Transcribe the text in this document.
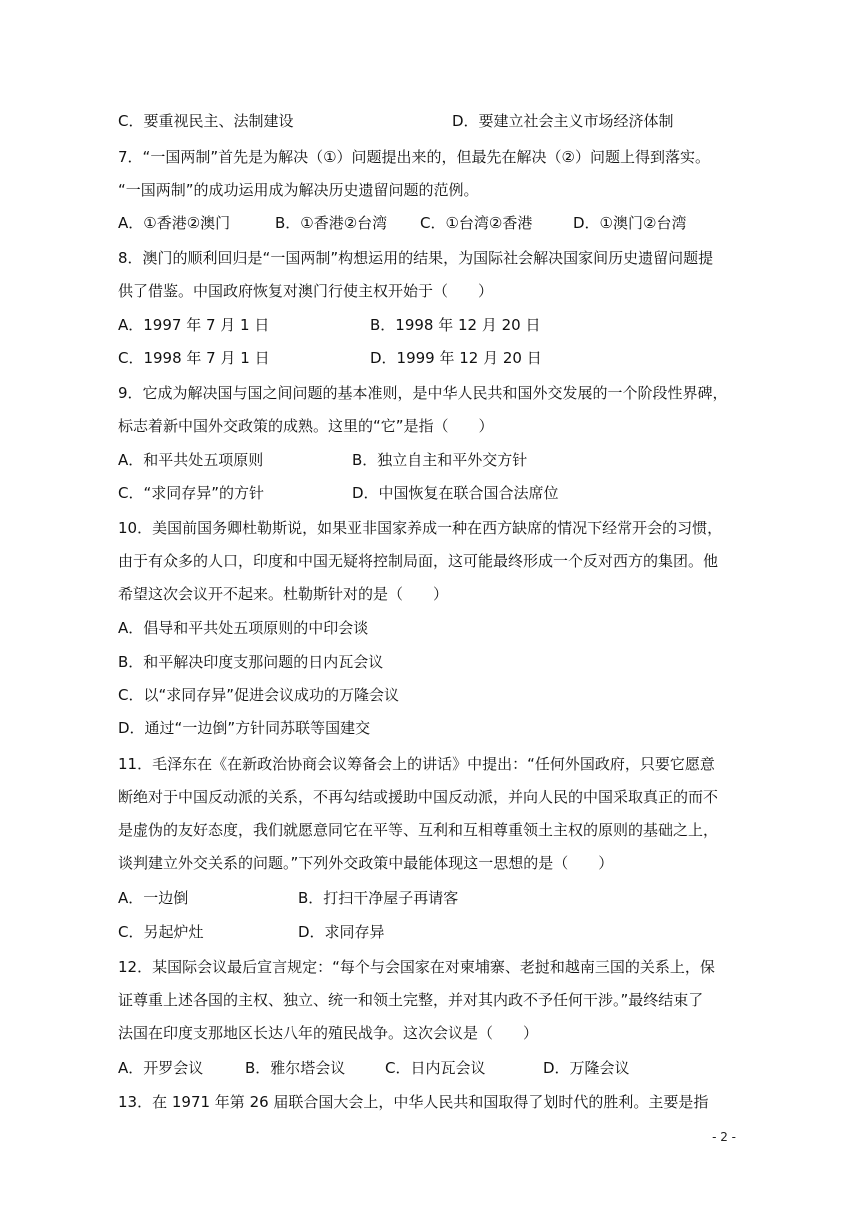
C．要重视民主、法制建设	D．要建立社会主义市场经济体制
7．“一国两制”首先是为解决（①）问题提出来的，但最先在解决（②）问题上得到落实。
“一国两制”的成功运用成为解决历史遗留问题的范例。
A．①香港②澳门	B．①香港②台湾 C．①台湾②香港	D．①澳门②台湾
8．澳门的顺利回归是“一国两制”构想运用的结果，为国际社会解决国家间历史遗留问题提
供了借鉴。中国政府恢复对澳门行使主权开始于（　　）
A．1997 年 7 月 1 日	B．1998 年 12 月 20 日
C．1998 年 7 月 1 日	D．1999 年 12 月 20 日
9．它成为解决国与国之间问题的基本准则，是中华人民共和国外交发展的一个阶段性界碑，
标志着新中国外交政策的成熟。这里的“它”是指（　　）
A．和平共处五项原则	B．独立自主和平外交方针
C．“求同存异”的方针	D．中国恢复在联合国合法席位
10．美国前国务卿杜勒斯说，如果亚非国家养成一种在西方缺席的情况下经常开会的习惯，
由于有众多的人口，印度和中国无疑将控制局面，这可能最终形成一个反对西方的集团。他
希望这次会议开不起来。杜勒斯针对的是（　　）
A．倡导和平共处五项原则的中印会谈
B．和平解决印度支那问题的日内瓦会议
C．以“求同存异”促进会议成功的万隆会议
D．通过“一边倒”方针同苏联等国建交
11．毛泽东在《在新政治协商会议筹备会上的讲话》中提出：“任何外国政府，只要它愿意
断绝对于中国反动派的关系，不再勾结或援助中国反动派，并向人民的中国采取真正的而不
是虚伪的友好态度，我们就愿意同它在平等、互利和互相尊重领土主权的原则的基础之上，
谈判建立外交关系的问题。”下列外交政策中最能体现这一思想的是（　　）
A．一边倒	B．打扫干净屋子再请客
C．另起炉灶	D．求同存异
12．某国际会议最后宣言规定：“每个与会国家在对柬埔寨、老挝和越南三国的关系上，保
证尊重上述各国的主权、独立、统一和领土完整，并对其内政不予任何干涉。”最终结束了
法国在印度支那地区长达八年的殖民战争。这次会议是（　　）
A．开罗会议	B．雅尔塔会议	C．日内瓦会议	D．万隆会议
13．在 1971 年第 26 届联合国大会上，中华人民共和国取得了划时代的胜利。主要是指
- 2 -
